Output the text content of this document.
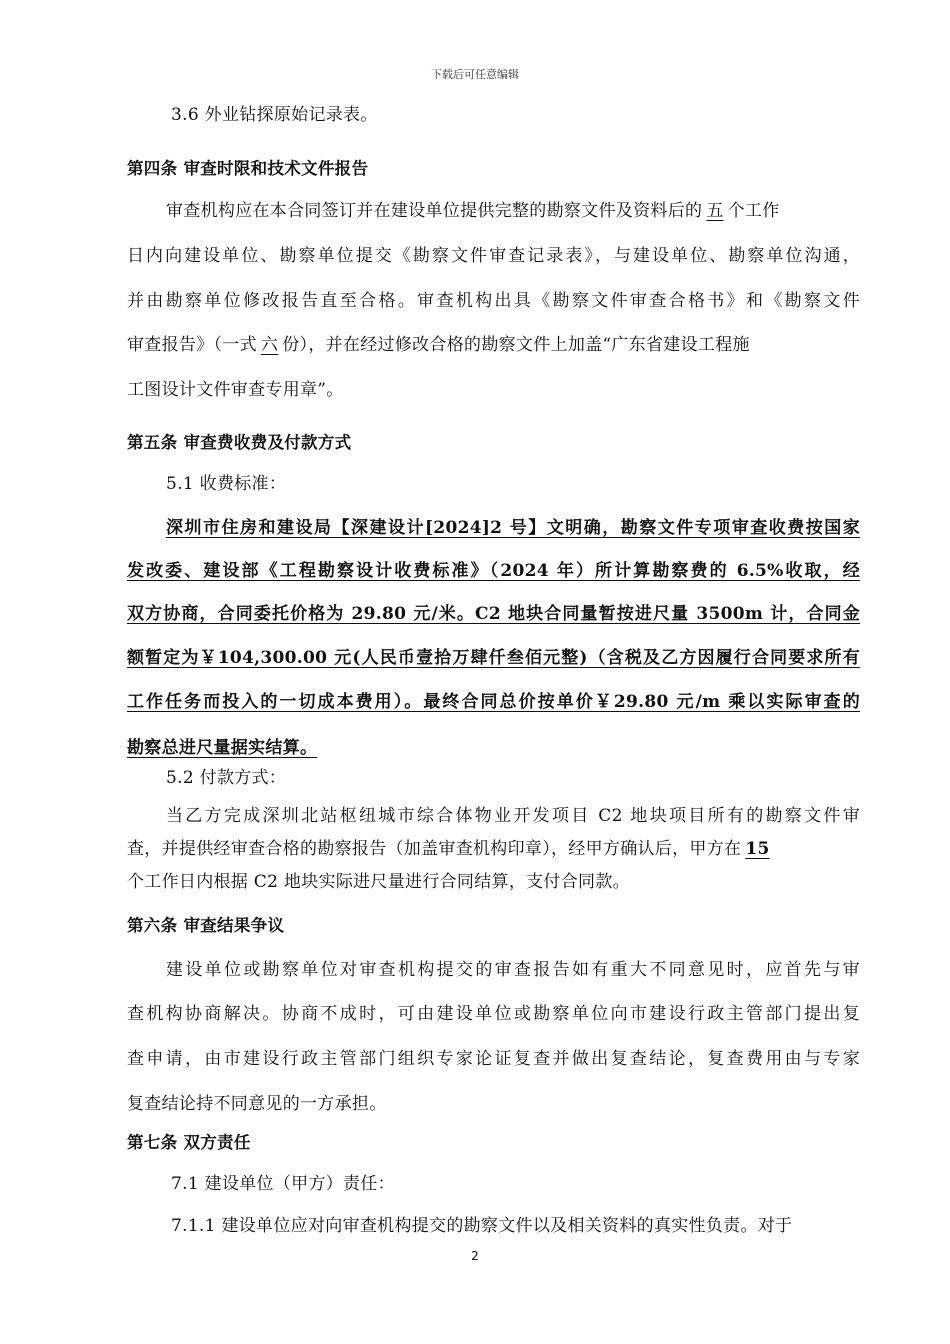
下载后可任意编辑
3.6 外业钻探原始记录表。
第四条 审查时限和技术文件报告
审查机构应在本合同签订并在建设单位提供完整的勘察文件及资料后的 五 个工作
日内向建设单位、勘察单位提交《勘察文件审查记录表》，与建设单位、勘察单位沟通，
并由勘察单位修改报告直至合格。审查机构出具《勘察文件审查合格书》和《勘察文件
审查报告》（一式 六 份），并在经过修改合格的勘察文件上加盖“广东省建设工程施
工图设计文件审查专用章”。
第五条 审查费收费及付款方式
5.1 收费标准：
深圳市住房和建设局【深建设计[2024]2 号】文明确，勘察文件专项审查收费按国家
发改委、建设部《工程勘察设计收费标准》（2024 年）所计算勘察费的 6.5%收取，经
双方协商，合同委托价格为 29.80 元/米。C2 地块合同量暂按进尺量 3500m 计，合同金
额暂定为￥104,300.00 元(人民币壹拾万肆仟叁佰元整)（含税及乙方因履行合同要求所有
工作任务而投入的一切成本费用）。最终合同总价按单价￥29.80 元/m 乘以实际审查的
勘察总进尺量据实结算。
5.2 付款方式：
当乙方完成深圳北站枢纽城市综合体物业开发项目 C2 地块项目所有的勘察文件审
查，并提供经审查合格的勘察报告（加盖审查机构印章），经甲方确认后，甲方在 15
个工作日内根据 C2 地块实际进尺量进行合同结算，支付合同款。
第六条 审查结果争议
建设单位或勘察单位对审查机构提交的审查报告如有重大不同意见时，应首先与审
查机构协商解决。协商不成时，可由建设单位或勘察单位向市建设行政主管部门提出复
查申请，由市建设行政主管部门组织专家论证复查并做出复查结论，复查费用由与专家
复查结论持不同意见的一方承担。
第七条 双方责任
7.1 建设单位（甲方）责任：
7.1.1 建设单位应对向审查机构提交的勘察文件以及相关资料的真实性负责。对于
2
